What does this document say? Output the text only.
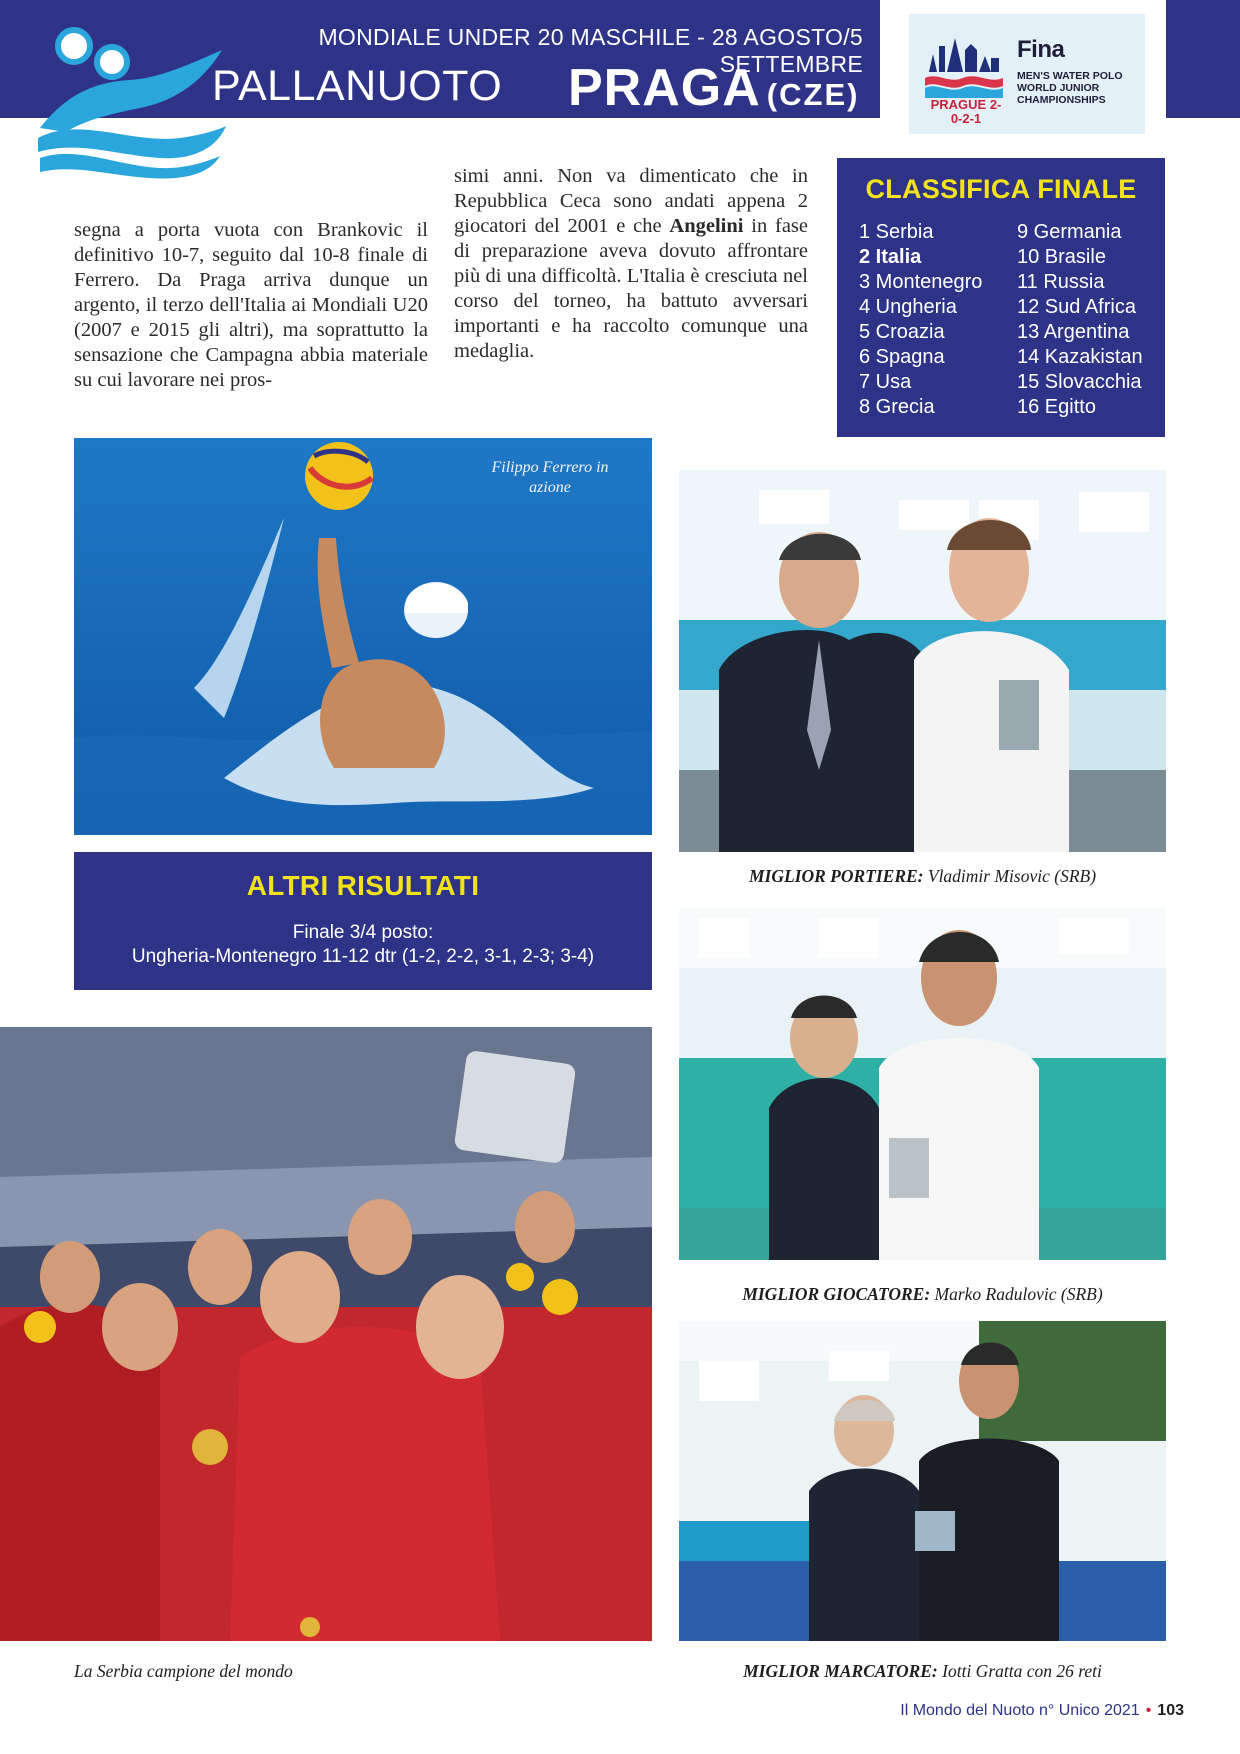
MONDIALE UNDER 20 MASCHILE - 28 AGOSTO/5 SETTEMBRE
PALLANUOTO PRAGA (CZE)	PRAGUE 2-0-2-1
Fina
MEN'S WATER POLO WORLD JUNIOR CHAMPIONSHIPS

segna a porta vuota con Brankovic il definitivo 10-7, seguito dal 10-8 finale di Ferrero. Da Praga arriva dunque un argento, il terzo dell'Italia ai Mondiali U20 (2007 e 2015 gli altri), ma soprattutto la sensazione che Campagna abbia materiale su cui lavorare nei pros-

simi anni. Non va dimenticato che in Repubblica Ceca sono andati appena 2 giocatori del 2001 e che Angelini in fase di preparazione aveva dovuto affrontare più di una difficoltà. L'Italia è cresciuta nel corso del torneo, ha battuto avversari importanti e ha raccolto comunque una medaglia.

CLASSIFICA FINALE
1 Serbia
2 Italia
3 Montenegro
4 Ungheria
5 Croazia
6 Spagna
7 Usa
8 Grecia
9 Germania
10 Brasile
11 Russia
12 Sud Africa
13 Argentina
14 Kazakistan
15 Slovacchia
16 Egitto
Filippo Ferrero in azione
ALTRI RISULTATI
Finale 3/4 posto:
Ungheria-Montenegro 11-12 dtr (1-2, 2-2, 3-1, 2-3; 3-4)
MIGLIOR PORTIERE: Vladimir Misovic (SRB)
MIGLIOR GIOCATORE: Marko Radulovic (SRB)
La Serbia campione del mondo	MIGLIOR MARCATORE: Iotti Gratta con 26 reti
Il Mondo del Nuoto n° Unico 2021 • 103
